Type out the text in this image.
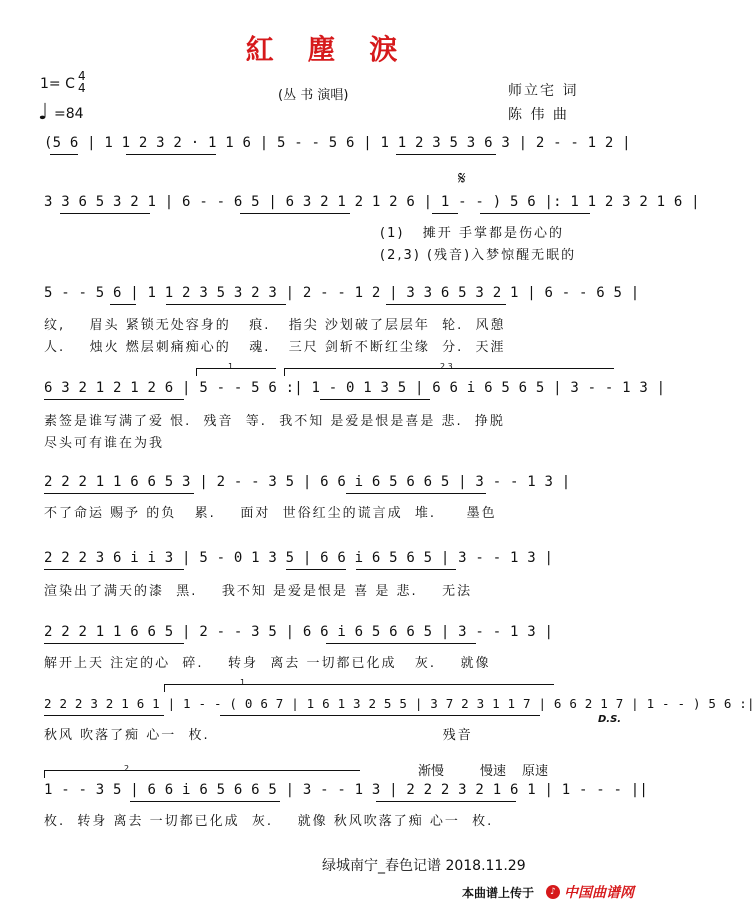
紅 塵 淚
1= C 4
4
♩ =84
(丛 书 演唱)	师立宅 词
陈 伟 曲
(5 6 | 1 1 2 3 2 · 1 1 6 | 5 - - 5 6 | 1 1 2 3 5 3 6 3 | 2 - - 1 2 |
𝄋
3 3 6 5 3 2 1 | 6 - - 6 5 | 6 3 2 1 2 1 2 6 | 1 - - ) 5 6 |: 1 1 2 3 2 1 6 |
(1)   摊开 手掌都是伤心的
(2,3) (残音)入梦惊醒无眠的
5 - - 5 6 | 1 1 2 3 5 3 2 3 | 2 - - 1 2 | 3 3 6 5 3 2 1 | 6 - - 6 5 |
纹,    眉头 紧锁无处容身的   痕.   指尖 沙划破了层层年  轮.  风憩
人.    烛火 燃层刺痛痴心的   魂.   三尺 剑斩不断红尘缘  分.  天涯
1	2.3
6 3 2 1 2 1 2 6 | 5 - - 5 6 :| 1 - 0 1 3 5 | 6 6 i 6 5 6 5 | 3 - - 1 3 |
素签是谁写满了爱 恨.  残音  等.  我不知 是爱是恨是喜是 悲.  挣脱
尽头可有谁在为我
2 2 2 1 1 6 6 5 3 | 2 - - 3 5 | 6 6 i 6 5 6 6 5 | 3 - - 1 3 |
不了命运 赐予 的负   累.    面对  世俗红尘的谎言成  堆.     墨色
2 2 2 3 6 i i 3 | 5 - 0 1 3 5 | 6 6 i 6 5 6 5 | 3 - - 1 3 |
渲染出了满天的漆  黑.    我不知 是爱是恨是 喜 是 悲.    无法
2 2 2 1 1 6 6 5 | 2 - - 3 5 | 6 6 i 6 5 6 6 5 | 3 - - 1 3 |
解开上天 注定的心  碎.    转身  离去 一切都已化成   灰.    就像
1
2 2 2 3 2 1 6 1 | 1 - - ( 0 6 7 | 1 6 1 3 2 5 5 | 3 7 2 3 1 1 7 | 6 6 2 1 7 | 1 - - ) 5 6 :|
D.S.
秋风 吹落了痴 心一  枚.                                      残音
渐慢	慢速 原速
2
1 - - 3 5 | 6 6 i 6 5 6 6 5 | 3 - - 1 3 | 2 2 2 3 2 1 6 1 | 1 - - - ||
枚.  转身 离去 一切都已化成  灰.    就像 秋风吹落了痴 心一  枚.
绿城南宁_春色记谱 2018.11.29
本曲谱上传于	♪ 中国曲谱网
